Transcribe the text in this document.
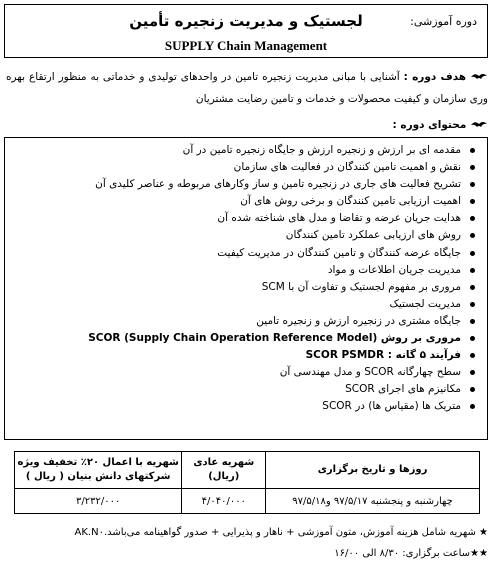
دوره آموزشی:
لجستیک و مدیریت زنجیره تأمین
SUPPLY Chain Management
هدف دوره : آشنایی با مبانی مدیریت زنجیره تامین در واحدهای تولیدی و خدماتی به منظور ارتقاع بهره وری سازمان و کیفیت محصولات و خدمات و تامین رضایت مشتریان
محتوای دوره :
مقدمه ای بر ارزش و زنجیره ارزش و جایگاه زنجیره تامین در آن
نقش و اهمیت تامین کنندگان در فعالیت های سازمان
تشریح فعالیت های جاری در زنجیره تامین و ساز وکارهای مربوطه و عناصر کلیدی آن
اهمیت ارزیابی تامین کنندگان و برخی روش های آن
هدایت جریان عرضه و تقاضا و مدل های شناخته شده آن
روش های ارزیابی عملکرد تامین کنندگان
جایگاه عرضه کنندگان و تامین کنندگان در مدیریت کیفیت
مدیریت جریان اطلاعات و مواد
مروری بر مفهوم لجستیک و تفاوت آن با SCM
مدیریت لجستیک
جایگاه مشتری در زنجیره ارزش و زنجیره تامین
مروری بر روش SCOR (Supply Chain Operation Reference Model)
فرآیند ۵ گانه : SCOR PSMDR
سطح چهارگانه SCOR و مدل مهندسی آن
مکانیزم های اجرای SCOR
متریک ها (مقیاس ها) در SCOR
روزها و تاریخ برگزاری	شهریه عادی (ریال)	شهریه با اعمال ۲۰٪ تخفیف ویژه شرکتهای دانش بنیان ( ریال )
چهارشنبه و پنجشنبه ۹۷/۵/۱۷ و۹۷/۵/۱۸	۴/۰۴۰/۰۰۰	۳/۲۳۲/۰۰۰
★ شهریه شامل هزینه آموزش، متون آموزشی + ناهار و پذیرایی + صدور گواهینامه می‌باشد.AK.N۰
★★ساعت برگزاری: ۸/۳۰ الی ۱۶/۰۰
